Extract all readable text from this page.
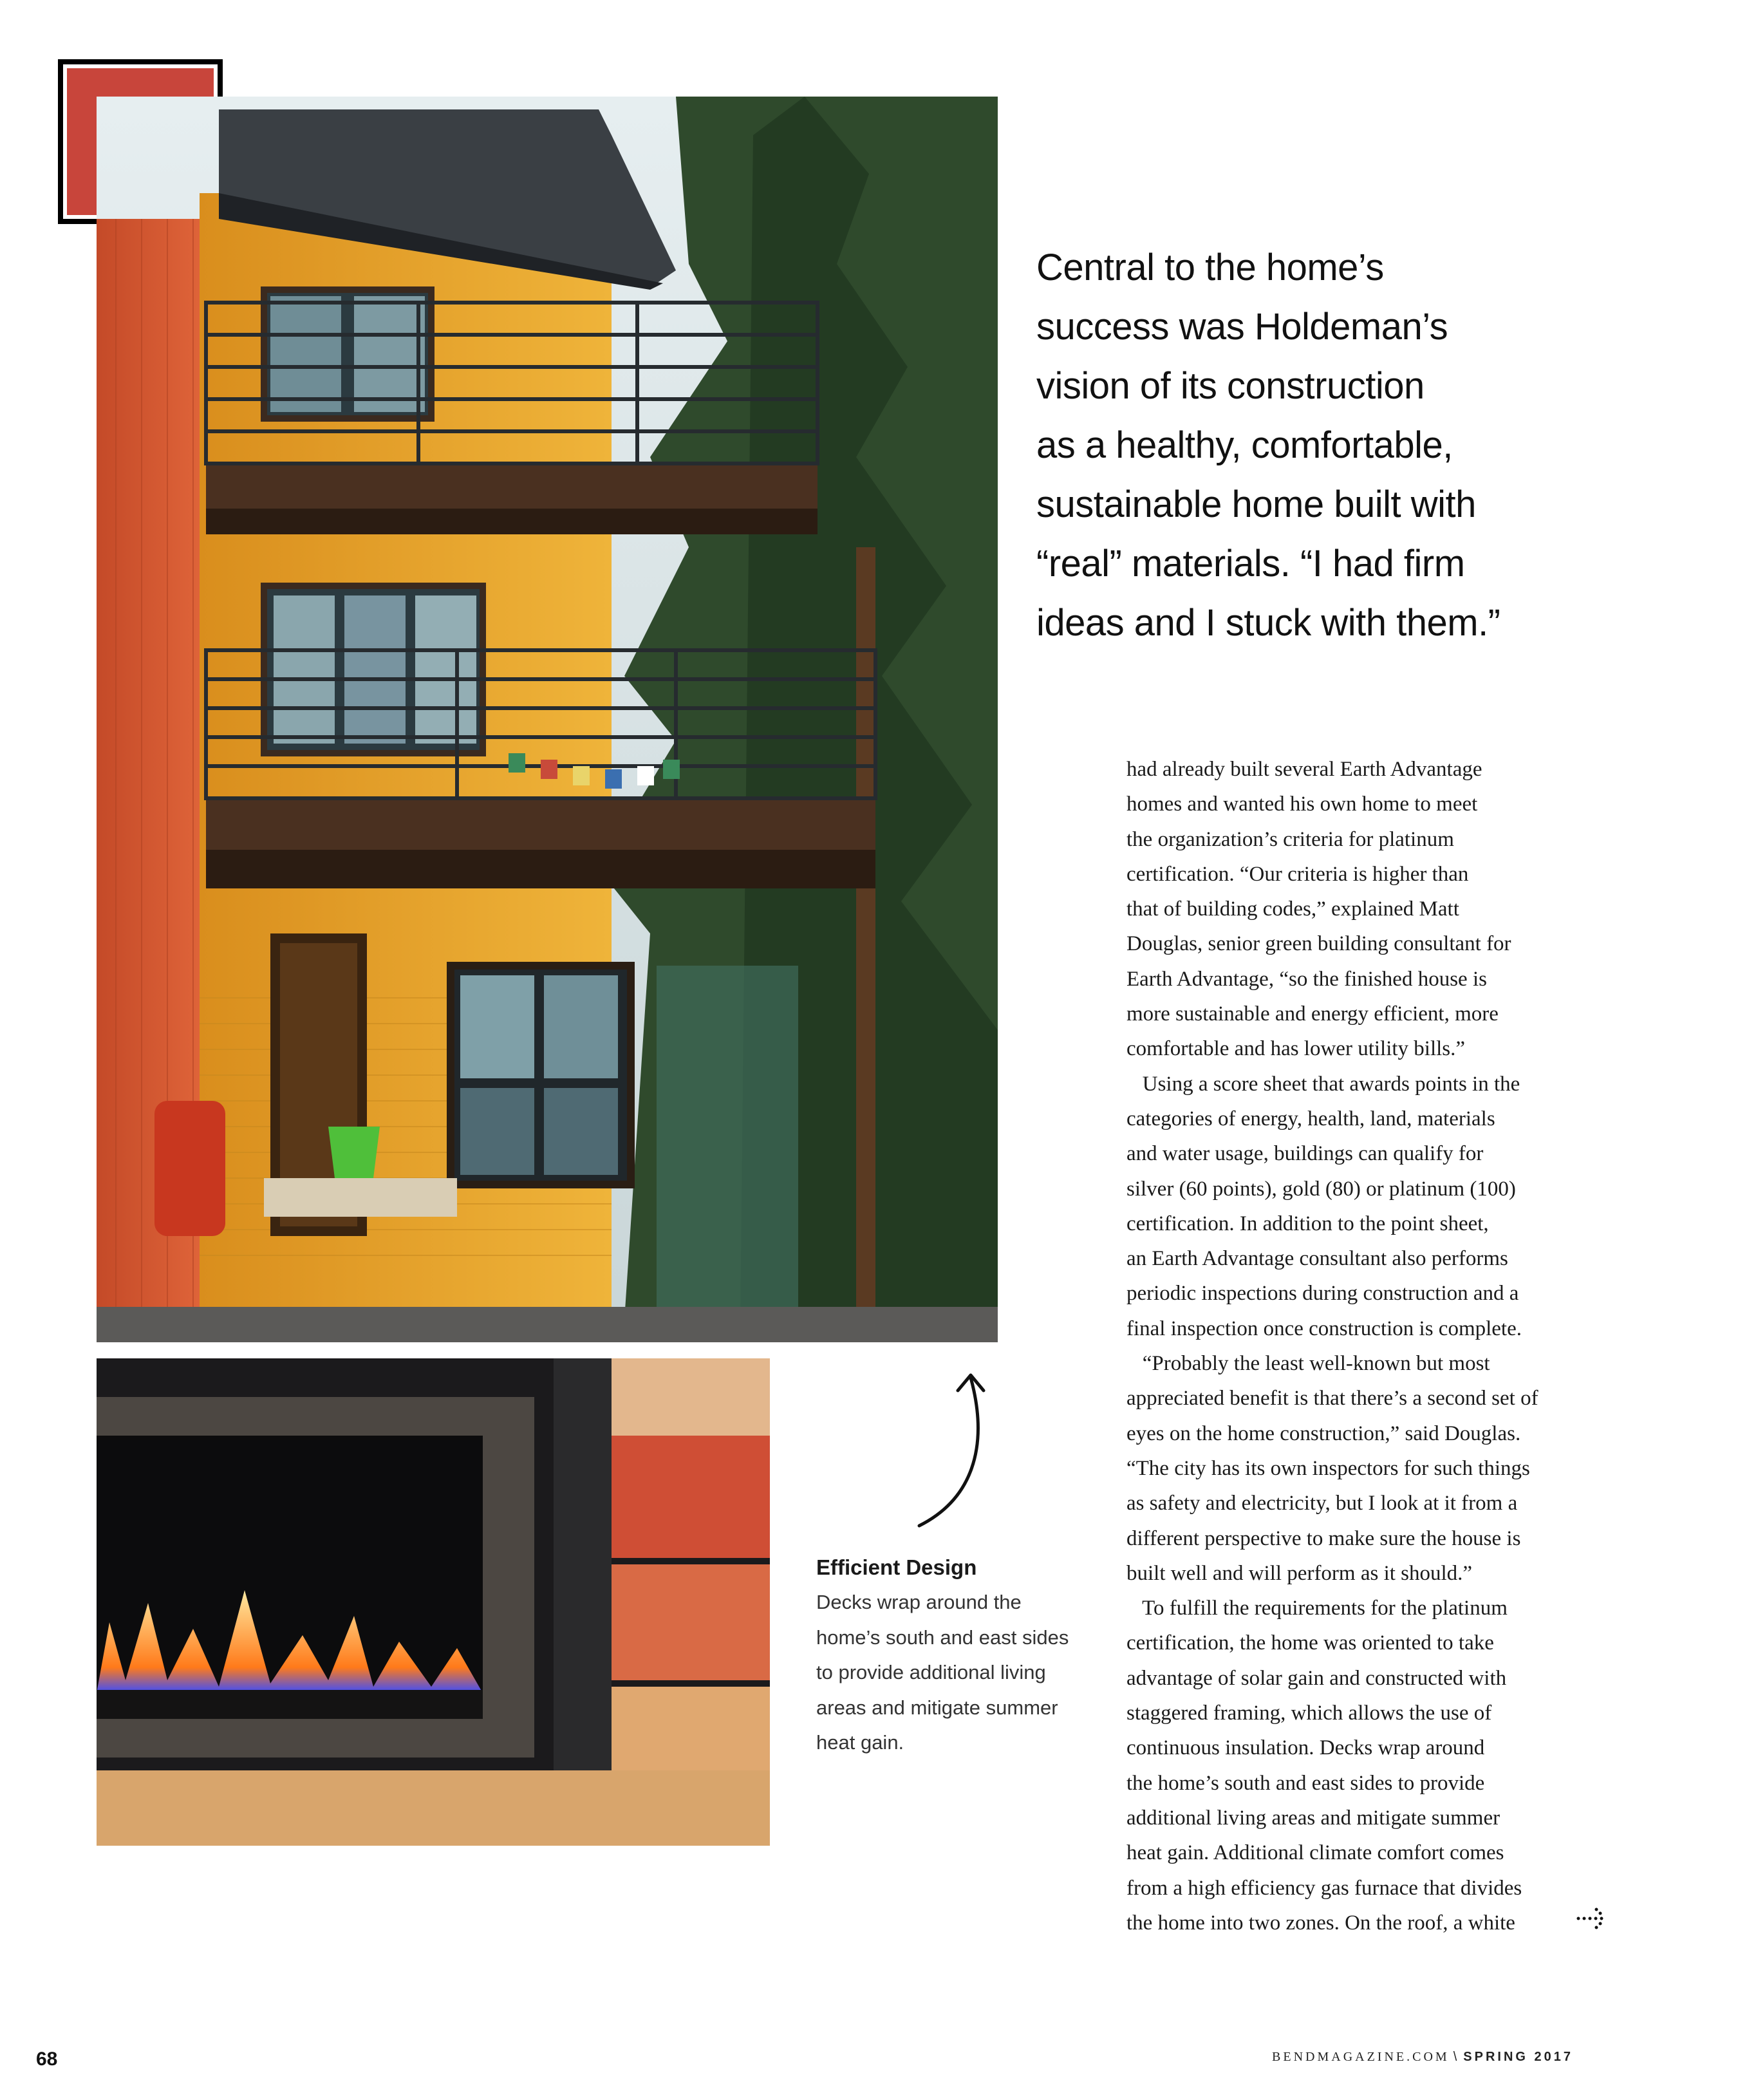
Central to the home’s
success was Holdeman’s
vision of its construction
as a healthy, comfortable,
sustainable home built with
“real” materials. “I had firm
ideas and I stuck with them.”
had already built several Earth Advantage
homes and wanted his own home to meet
the organization’s criteria for platinum
certification. “Our criteria is higher than
that of building codes,” explained Matt
Douglas, senior green building consultant for
Earth Advantage, “so the finished house is
more sustainable and energy efficient, more
comfortable and has lower utility bills.”
Using a score sheet that awards points in the
categories of energy, health, land, materials
and water usage, buildings can qualify for
silver (60 points), gold (80) or platinum (100)
certification. In addition to the point sheet,
an Earth Advantage consultant also performs
periodic inspections during construction and a
final inspection once construction is complete.
“Probably the least well-known but most
appreciated benefit is that there’s a second set of
eyes on the home construction,” said Douglas.
“The city has its own inspectors for such things
as safety and electricity, but I look at it from a
different perspective to make sure the house is
built well and will perform as it should.”
To fulfill the requirements for the platinum
certification, the home was oriented to take
advantage of solar gain and constructed with
staggered framing, which allows the use of
continuous insulation. Decks wrap around
the home’s south and east sides to provide
additional living areas and mitigate summer
heat gain. Additional climate comfort comes
from a high efficiency gas furnace that divides
the home into two zones. On the roof, a white
Efficient Design
Decks wrap around the
home’s south and east sides
to provide additional living
areas and mitigate summer
heat gain.
68	BENDMAGAZINE.COM \ SPRING 2017
